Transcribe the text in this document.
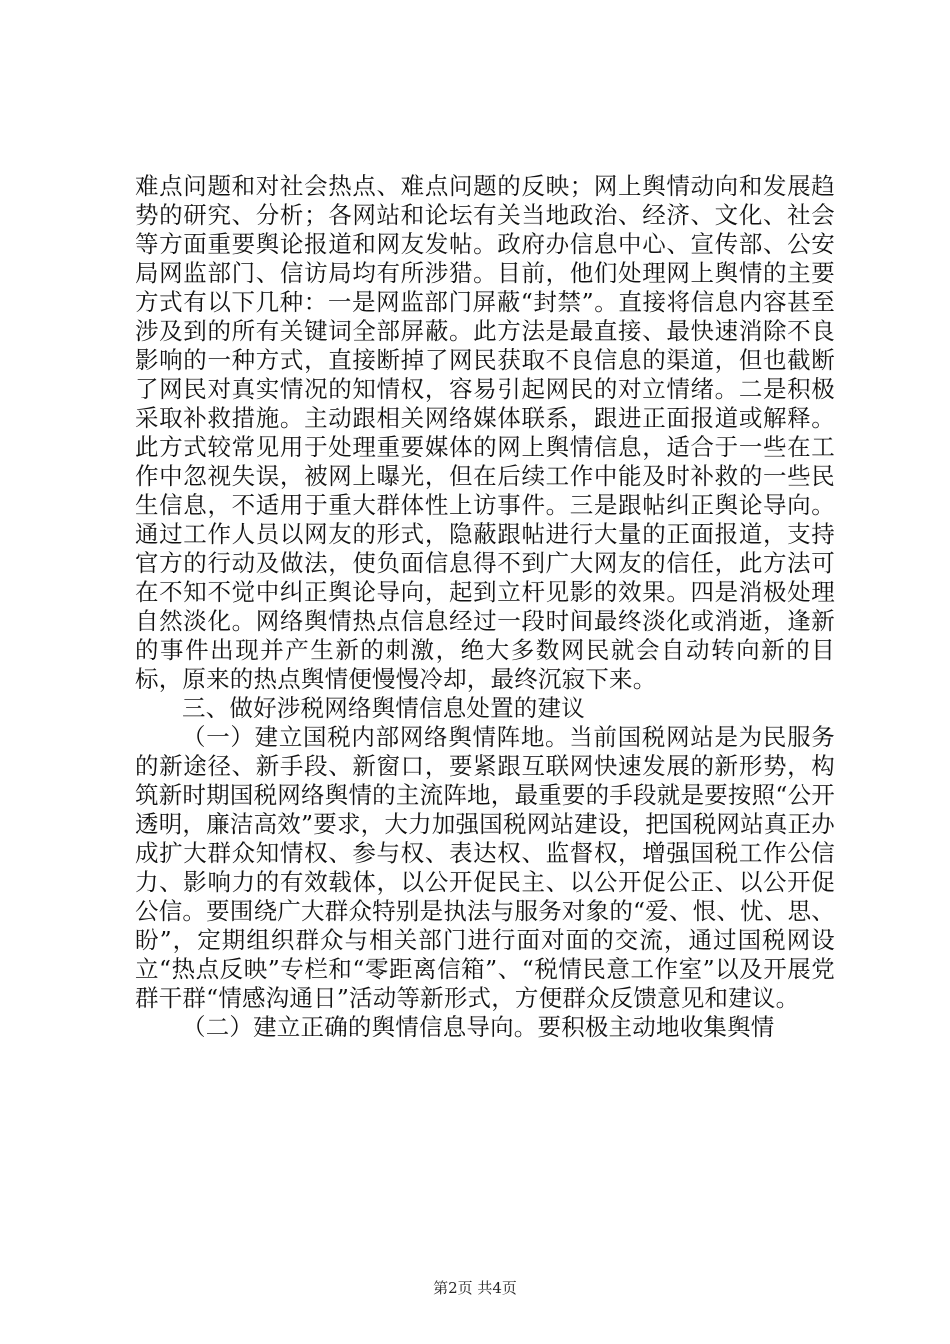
难点问题和对社会热点、难点问题的反映；网上舆情动向和发展趋势的研究、分析；各网站和论坛有关当地政治、经济、文化、社会等方面重要舆论报道和网友发帖。政府办信息中心、宣传部、公安局网监部门、信访局均有所涉猎。目前，他们处理网上舆情的主要方式有以下几种：一是网监部门屏蔽“封禁”。直接将信息内容甚至涉及到的所有关键词全部屏蔽。此方法是最直接、最快速消除不良影响的一种方式，直接断掉了网民获取不良信息的渠道，但也截断了网民对真实情况的知情权，容易引起网民的对立情绪。二是积极采取补救措施。主动跟相关网络媒体联系，跟进正面报道或解释。此方式较常见用于处理重要媒体的网上舆情信息，适合于一些在工作中忽视失误，被网上曝光，但在后续工作中能及时补救的一些民生信息，不适用于重大群体性上访事件。三是跟帖纠正舆论导向。通过工作人员以网友的形式，隐蔽跟帖进行大量的正面报道，支持官方的行动及做法，使负面信息得不到广大网友的信任，此方法可在不知不觉中纠正舆论导向，起到立杆见影的效果。四是消极处理自然淡化。网络舆情热点信息经过一段时间最终淡化或消逝，逢新的事件出现并产生新的刺激，绝大多数网民就会自动转向新的目标，原来的热点舆情便慢慢冷却，最终沉寂下来。

三、做好涉税网络舆情信息处置的建议

（一）建立国税内部网络舆情阵地。当前国税网站是为民服务的新途径、新手段、新窗口，要紧跟互联网快速发展的新形势，构筑新时期国税网络舆情的主流阵地，最重要的手段就是要按照“公开透明，廉洁高效”要求，大力加强国税网站建设，把国税网站真正办成扩大群众知情权、参与权、表达权、监督权，增强国税工作公信力、影响力的有效载体，以公开促民主、以公开促公正、以公开促公信。要围绕广大群众特别是执法与服务对象的“爱、恨、忧、思、盼”，定期组织群众与相关部门进行面对面的交流，通过国税网设立“热点反映”专栏和“零距离信箱”、“税情民意工作室”以及开展党群干群“情感沟通日”活动等新形式，方便群众反馈意见和建议。

（二）建立正确的舆情信息导向。要积极主动地收集舆情

第2页 共4页
